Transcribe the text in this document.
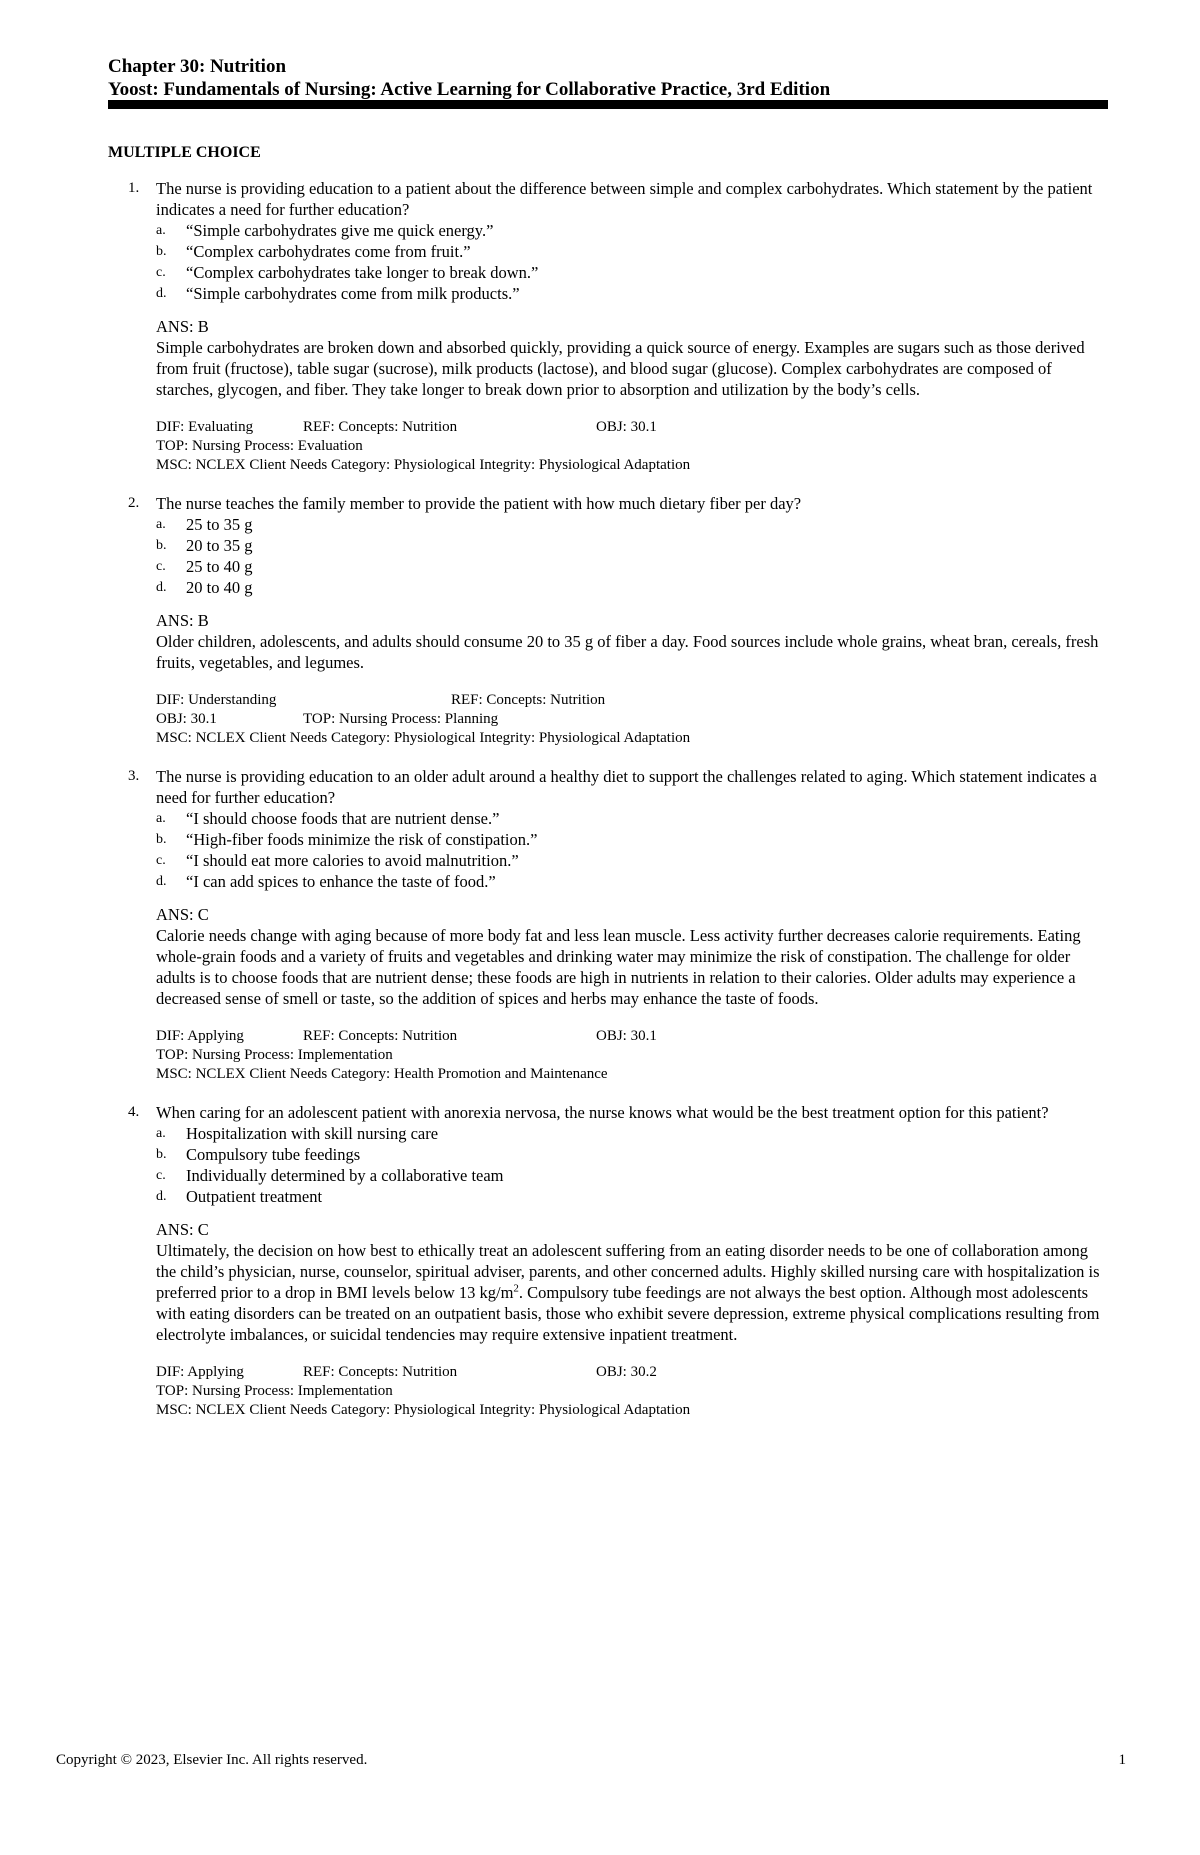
Chapter 30: Nutrition
Yoost: Fundamentals of Nursing: Active Learning for Collaborative Practice, 3rd Edition
MULTIPLE CHOICE
1. The nurse is providing education to a patient about the difference between simple and complex carbohydrates. Which statement by the patient indicates a need for further education?

a. “Simple carbohydrates give me quick energy.”
b. “Complex carbohydrates come from fruit.”
c. “Complex carbohydrates take longer to break down.”
d. “Simple carbohydrates come from milk products.”
ANS: B

Simple carbohydrates are broken down and absorbed quickly, providing a quick source of energy. Examples are sugars such as those derived from fruit (fructose), table sugar (sucrose), milk products (lactose), and blood sugar (glucose). Complex carbohydrates are composed of starches, glycogen, and fiber. They take longer to break down prior to absorption and utilization by the body’s cells.

DIF: Evaluating	REF: Concepts: Nutrition	OBJ: 30.1
TOP: Nursing Process: Evaluation
MSC: NCLEX Client Needs Category: Physiological Integrity: Physiological Adaptation
2. The nurse teaches the family member to provide the patient with how much dietary fiber per day?

a. 25 to 35 g
b. 20 to 35 g
c. 25 to 40 g
d. 20 to 40 g
ANS: B

Older children, adolescents, and adults should consume 20 to 35 g of fiber a day. Food sources include whole grains, wheat bran, cereals, fresh fruits, vegetables, and legumes.

DIF: Understanding	REF: Concepts: Nutrition
OBJ: 30.1	TOP: Nursing Process: Planning
MSC: NCLEX Client Needs Category: Physiological Integrity: Physiological Adaptation
3. The nurse is providing education to an older adult around a healthy diet to support the challenges related to aging. Which statement indicates a need for further education?

a. “I should choose foods that are nutrient dense.”
b. “High-fiber foods minimize the risk of constipation.”
c. “I should eat more calories to avoid malnutrition.”
d. “I can add spices to enhance the taste of food.”
ANS: C

Calorie needs change with aging because of more body fat and less lean muscle. Less activity further decreases calorie requirements. Eating whole-grain foods and a variety of fruits and vegetables and drinking water may minimize the risk of constipation. The challenge for older adults is to choose foods that are nutrient dense; these foods are high in nutrients in relation to their calories. Older adults may experience a decreased sense of smell or taste, so the addition of spices and herbs may enhance the taste of foods.

DIF: Applying	REF: Concepts: Nutrition	OBJ: 30.1
TOP: Nursing Process: Implementation
MSC: NCLEX Client Needs Category: Health Promotion and Maintenance
4. When caring for an adolescent patient with anorexia nervosa, the nurse knows what would be the best treatment option for this patient?

a. Hospitalization with skill nursing care
b. Compulsory tube feedings
c. Individually determined by a collaborative team
d. Outpatient treatment
ANS: C

Ultimately, the decision on how best to ethically treat an adolescent suffering from an eating disorder needs to be one of collaboration among the child’s physician, nurse, counselor, spiritual adviser, parents, and other concerned adults. Highly skilled nursing care with hospitalization is preferred prior to a drop in BMI levels below 13 $kg/m^2$. Compulsory tube feedings are not always the best option. Although most adolescents with eating disorders can be treated on an outpatient basis, those who exhibit severe depression, extreme physical complications resulting from electrolyte imbalances, or suicidal tendencies may require extensive inpatient treatment.

DIF: Applying	REF: Concepts: Nutrition	OBJ: 30.2
TOP: Nursing Process: Implementation
MSC: NCLEX Client Needs Category: Physiological Integrity: Physiological Adaptation
Copyright © 2023, Elsevier Inc. All rights reserved.	1
